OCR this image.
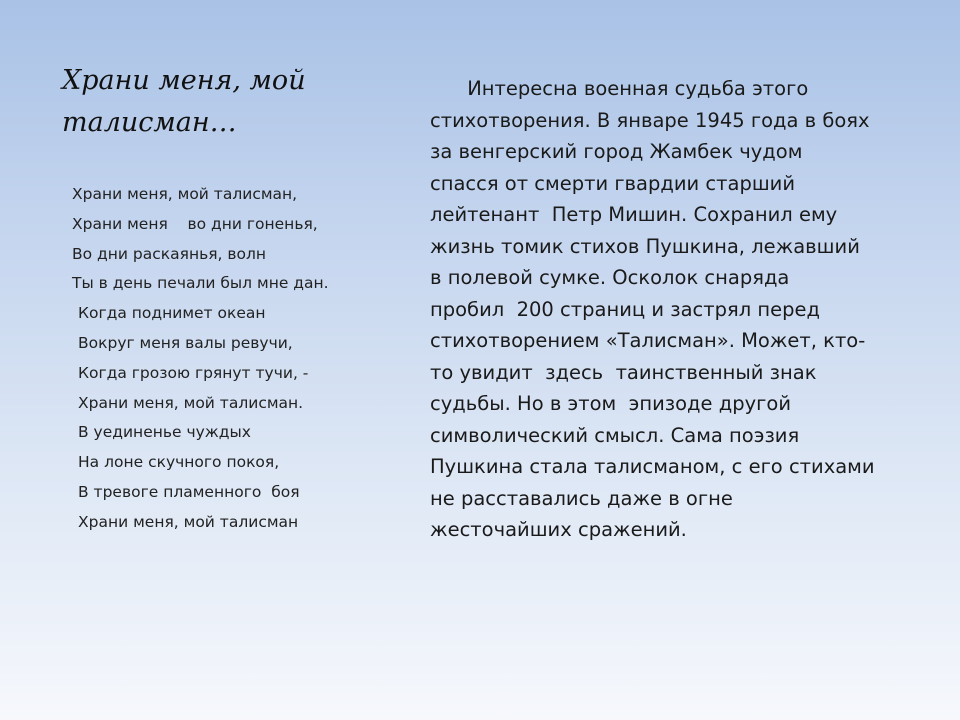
Храни меня, мой
талисман…
Храни меня, мой талисман,
Храни меня    во дни гоненья,
Во дни раскаянья, волн
Ты в день печали был мне дан.
Когда поднимет океан
Вокруг меня валы ревучи,
Когда грозою грянут тучи, -
Храни меня, мой талисман.
В уединенье чуждых
На лоне скучного покоя,
В тревоге пламенного  боя
Храни меня, мой талисман

Интересна военная судьба этого
стихотворения. В январе 1945 года в боях
за венгерский город Жамбек чудом
спасся от смерти гвардии старший
лейтенант  Петр Мишин. Сохранил ему
жизнь томик стихов Пушкина, лежавший
в полевой сумке. Осколок снаряда
пробил  200 страниц и застрял перед
стихотворением «Талисман». Может, кто-
то увидит  здесь  таинственный знак
судьбы. Но в этом  эпизоде другой
символический смысл. Сама поэзия
Пушкина стала талисманом, с его стихами
не расставались даже в огне
жесточайших сражений.
